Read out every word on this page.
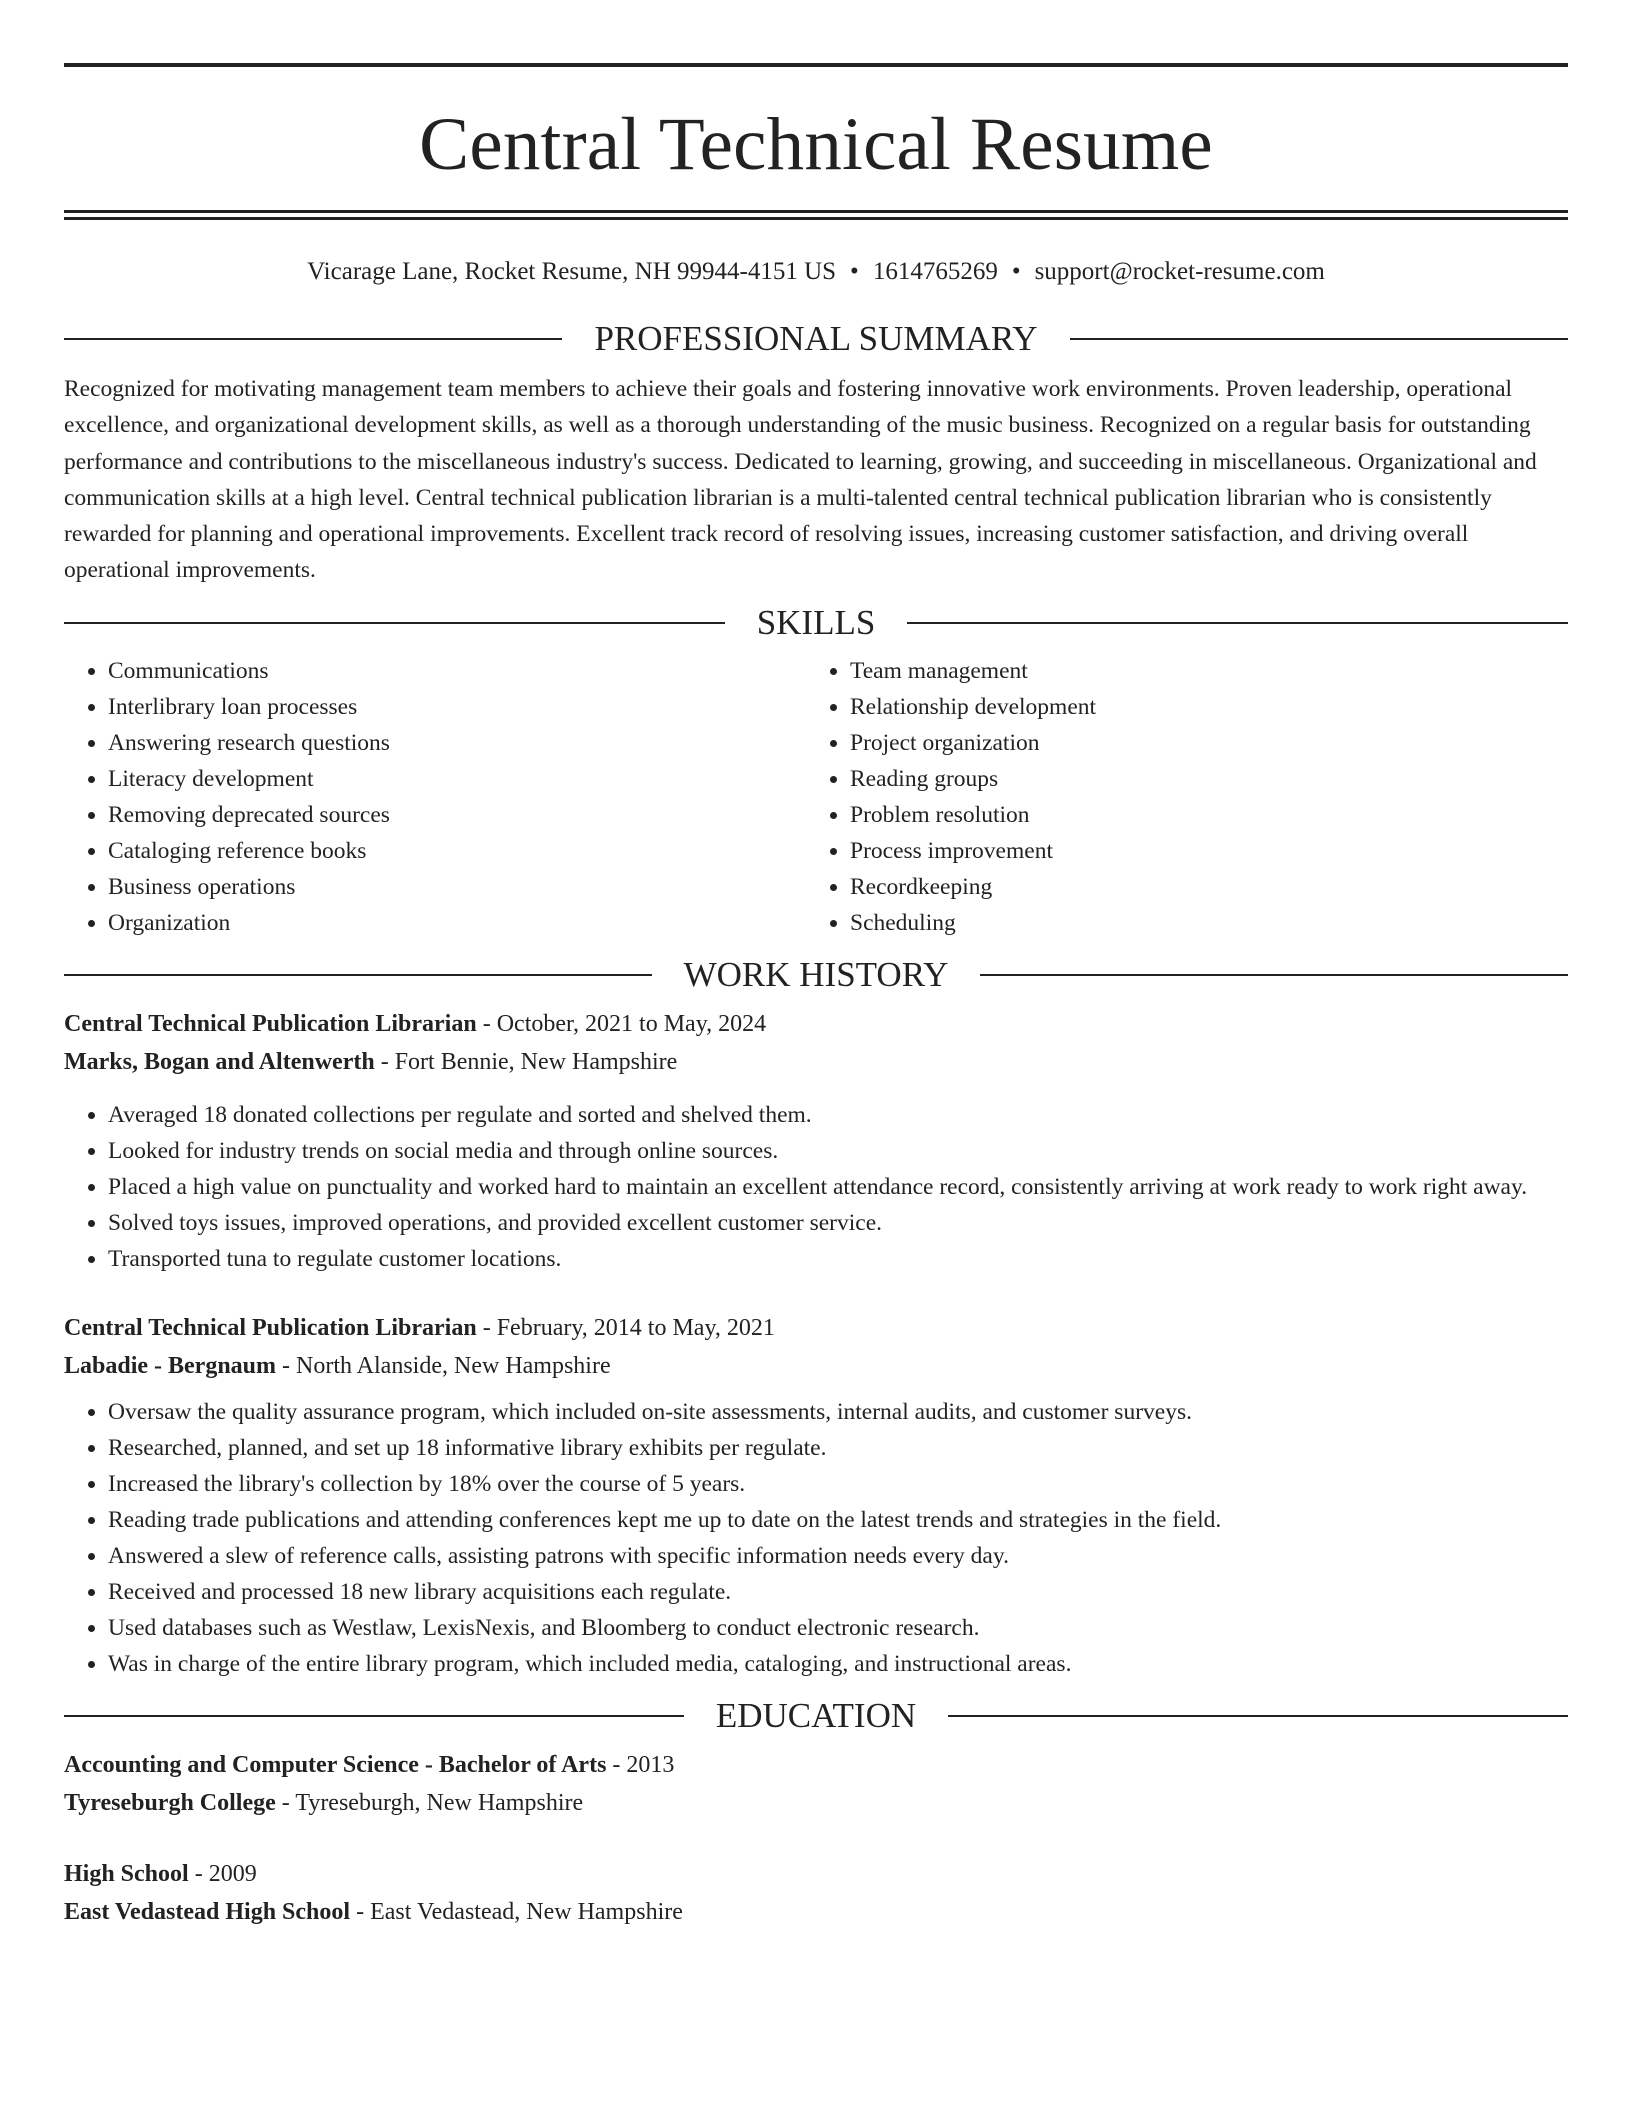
Central Technical Resume
Vicarage Lane, Rocket Resume, NH 99944-4151 US • 1614765269 • support@rocket-resume.com
PROFESSIONAL SUMMARY

Recognized for motivating management team members to achieve their goals and fostering innovative work environments. Proven leadership, operational excellence, and organizational development skills, as well as a thorough understanding of the music business. Recognized on a regular basis for outstanding performance and contributions to the miscellaneous industry's success. Dedicated to learning, growing, and succeeding in miscellaneous. Organizational and communication skills at a high level. Central technical publication librarian is a multi-talented central technical publication librarian who is consistently rewarded for planning and operational improvements. Excellent track record of resolving issues, increasing customer satisfaction, and driving overall operational improvements.

SKILLS
• Communications
• Interlibrary loan processes
• Answering research questions
• Literacy development
• Removing deprecated sources
• Cataloging reference books
• Business operations
• Organization
• Team management
• Relationship development
• Project organization
• Reading groups
• Problem resolution
• Process improvement
• Recordkeeping
• Scheduling
WORK HISTORY
Central Technical Publication Librarian - October, 2021 to May, 2024
Marks, Bogan and Altenwerth - Fort Bennie, New Hampshire
• Averaged 18 donated collections per regulate and sorted and shelved them.
• Looked for industry trends on social media and through online sources.
• Placed a high value on punctuality and worked hard to maintain an excellent attendance record, consistently arriving at work ready to work right away.
• Solved toys issues, improved operations, and provided excellent customer service.
• Transported tuna to regulate customer locations.
Central Technical Publication Librarian - February, 2014 to May, 2021
Labadie - Bergnaum - North Alanside, New Hampshire
• Oversaw the quality assurance program, which included on-site assessments, internal audits, and customer surveys.
• Researched, planned, and set up 18 informative library exhibits per regulate.
• Increased the library's collection by 18% over the course of 5 years.
• Reading trade publications and attending conferences kept me up to date on the latest trends and strategies in the field.
• Answered a slew of reference calls, assisting patrons with specific information needs every day.
• Received and processed 18 new library acquisitions each regulate.
• Used databases such as Westlaw, LexisNexis, and Bloomberg to conduct electronic research.
• Was in charge of the entire library program, which included media, cataloging, and instructional areas.
EDUCATION
Accounting and Computer Science - Bachelor of Arts - 2013
Tyreseburgh College - Tyreseburgh, New Hampshire
High School - 2009
East Vedastead High School - East Vedastead, New Hampshire
